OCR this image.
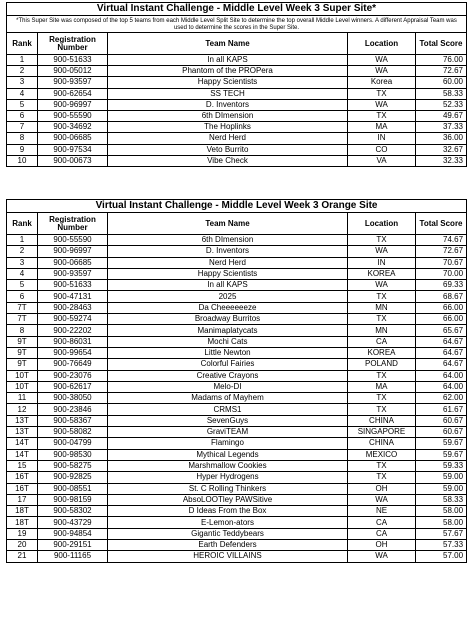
Virtual Instant Challenge - Middle Level Week 3 Super Site*				
*This Super Site was composed of the top 5 teams from each Middle Level Split Site to determine the top overall Middle Level winners. A different Appraisal Team was used to determine the scores in the Super Site.				
Rank	Registration Number	Team Name	Location	Total Score
1	900-51633	In all KAPS	WA	76.00
2	900-05012	Phantom of the PROPera	WA	72.67
3	900-93597	Happy Scientists	Korea	60.00
4	900-62654	SS TECH	TX	58.33
5	900-96997	D. Inventors	WA	52.33
6	900-55590	6th DImension	TX	49.67
7	900-34692	The Hoplinks	MA	37.33
8	900-06685	Nerd Herd	IN	36.00
9	900-97534	Veto Burrito	CO	32.67
10	900-00673	Vibe Check	VA	32.33
Virtual Instant Challenge - Middle Level Week 3 Orange Site				
Rank	Registration Number	Team Name	Location	Total Score
1	900-55590	6th DImension	TX	74.67
2	900-96997	D. Inventors	WA	72.67
3	900-06685	Nerd Herd	IN	70.67
4	900-93597	Happy Scientists	KOREA	70.00
5	900-51633	In all KAPS	WA	69.33
6	900-47131	2025	TX	68.67
7T	900-28463	Da Cheeeeeeze	MN	66.00
7T	900-59274	Broadway Burritos	TX	66.00
8	900-22202	Manimaplatycats	MN	65.67
9T	900-86031	Mochi Cats	CA	64.67
9T	900-99654	Little Newton	KOREA	64.67
9T	900-76649	Colorful Fairies	POLAND	64.67
10T	900-23076	Creative Crayons	TX	64.00
10T	900-62617	Melo-DI	MA	64.00
11	900-38050	Madams of Mayhem	TX	62.00
12	900-23846	CRMS1	TX	61.67
13T	900-58367	SevenGuys	CHINA	60.67
13T	900-58082	GraviTEAM	SINGAPORE	60.67
14T	900-04799	Flamingo	CHINA	59.67
14T	900-98530	Mythical Legends	MEXICO	59.67
15	900-58275	Marshmallow Cookies	TX	59.33
16T	900-92825	Hyper Hydrogens	TX	59.00
16T	900-08551	St. C Rolling Thinkers	OH	59.00
17	900-98159	AbsoLOOTley PAWSitive	WA	58.33
18T	900-58302	D Ideas From the Box	NE	58.00
18T	900-43729	E-Lemon-ators	CA	58.00
19	900-94854	Gigantic Teddybears	CA	57.67
20	900-29151	Earth Defenders	OH	57.33
21	900-11165	HEROIC VILLAINS	WA	57.00
